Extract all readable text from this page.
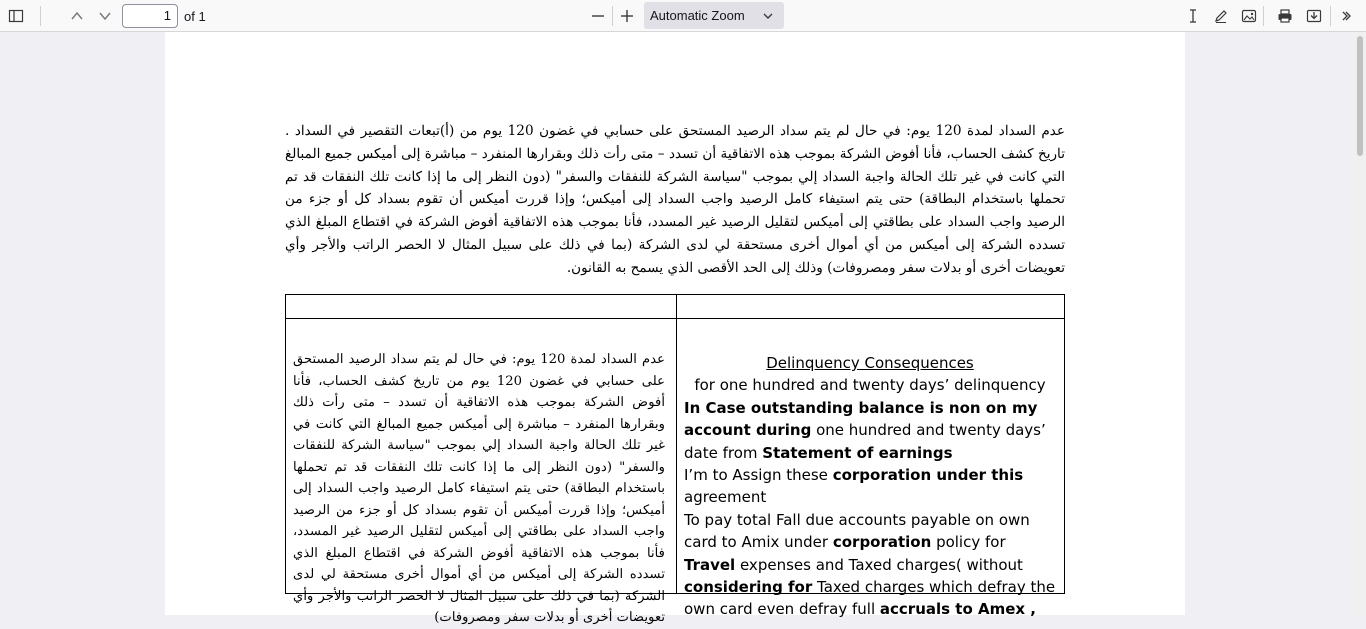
1	of 1	Automatic Zoom
عدم السداد لمدة 120 يوم: في حال لم يتم سداد الرصيد المستحق على حسابي في غضون 120 يوم من (أ)تبعات التقصير في السداد . تاريخ كشف الحساب، فأنا أفوض الشركة بموجب هذه الاتفاقية أن تسدد – متى رأت ذلك وبقرارها المنفرد – مباشرة إلى أميكس جميع المبالغ التي كانت في غير تلك الحالة واجبة السداد إلي بموجب "سياسة الشركة للنفقات والسفر" (دون النظر إلى ما إذا كانت تلك النفقات قد تم تحملها باستخدام البطاقة) حتى يتم استيفاء كامل الرصيد واجب السداد إلى أميكس؛ وإذا قررت أميكس أن تقوم بسداد كل أو جزء من الرصيد واجب السداد على بطاقتي إلى أميكس لتقليل الرصيد غير المسدد، فأنا بموجب هذه الاتفاقية أفوض الشركة في اقتطاع المبلغ الذي تسدده الشركة إلى أميكس من أي أموال أخرى مستحقة لي لدى الشركة (بما في ذلك على سبيل المثال لا الحصر الراتب والأجر وأي تعويضات أخرى أو بدلات سفر ومصروفات) وذلك إلى الحد الأقصى الذي يسمح به القانون.
عدم السداد لمدة 120 يوم: في حال لم يتم سداد الرصيد المستحق على حسابي في غضون 120 يوم من تاريخ كشف الحساب، فأنا أفوض الشركة بموجب هذه الاتفاقية أن تسدد – متى رأت ذلك وبقرارها المنفرد – مباشرة إلى أميكس جميع المبالغ التي كانت في غير تلك الحالة واجبة السداد إلي بموجب "سياسة الشركة للنفقات والسفر" (دون النظر إلى ما إذا كانت تلك النفقات قد تم تحملها باستخدام البطاقة) حتى يتم استيفاء كامل الرصيد واجب السداد إلى أميكس؛ وإذا قررت أميكس أن تقوم بسداد كل أو جزء من الرصيد واجب السداد على بطاقتي إلى أميكس لتقليل الرصيد غير المسدد، فأنا بموجب هذه الاتفاقية أفوض الشركة في اقتطاع المبلغ الذي تسدده الشركة إلى أميكس من أي أموال أخرى مستحقة لي لدى الشركة (بما في ذلك على سبيل المثال لا الحصر الراتب والأجر وأي تعويضات أخرى أو بدلات سفر ومصروفات)

Delinquency Consequences

for one hundred and twenty days’ delinquency

In Case outstanding balance is non on my account during one hundred and twenty days’ date from Statement of earnings

I’m to Assign these corporation under this agreement

To pay total Fall due accounts payable on own card to Amix under corporation policy for Travel expenses and Taxed charges( without considering for Taxed charges which defray the own card even defray full accruals to Amex ,
